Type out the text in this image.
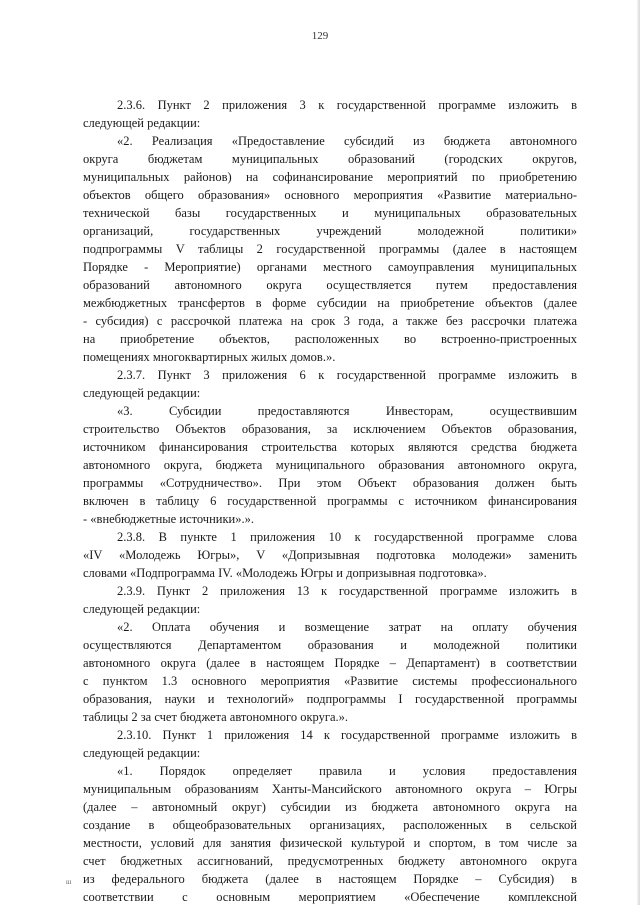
129
2.3.6. Пункт 2 приложения 3 к государственной программе изложить в
следующей редакции:
«2. Реализация «Предоставление субсидий из бюджета автономного
округа бюджетам муниципальных образований (городских округов,
муниципальных районов) на софинансирование мероприятий по приобретению
объектов общего образования» основного мероприятия «Развитие материально-
технической базы государственных и муниципальных образовательных
организаций, государственных учреждений молодежной политики»
подпрограммы V таблицы 2 государственной программы (далее в настоящем
Порядке - Мероприятие) органами местного самоуправления муниципальных
образований автономного округа осуществляется путем предоставления
межбюджетных трансфертов в форме субсидии на приобретение объектов (далее
- субсидия) с рассрочкой платежа на срок 3 года, а также без рассрочки платежа
на приобретение объектов, расположенных во встроенно-пристроенных
помещениях многоквартирных жилых домов.».
2.3.7. Пункт 3 приложения 6 к государственной программе изложить в
следующей редакции:
«3. Субсидии предоставляются Инвесторам, осуществившим
строительство Объектов образования, за исключением Объектов образования,
источником финансирования строительства которых являются средства бюджета
автономного округа, бюджета муниципального образования автономного округа,
программы «Сотрудничество». При этом Объект образования должен быть
включен в таблицу 6 государственной программы с источником финансирования
- «внебюджетные источники».».
2.3.8. В пункте 1 приложения 10 к государственной программе слова
«IV «Молодежь Югры», V «Допризывная подготовка молодежи» заменить
словами «Подпрограмма IV. «Молодежь Югры и допризывная подготовка».
2.3.9. Пункт 2 приложения 13 к государственной программе изложить в
следующей редакции:
«2. Оплата обучения и возмещение затрат на оплату обучения
осуществляются Департаментом образования и молодежной политики
автономного округа (далее в настоящем Порядке – Департамент) в соответствии
с пунктом 1.3 основного мероприятия «Развитие системы профессионального
образования, науки и технологий» подпрограммы I государственной программы
таблицы 2 за счет бюджета автономного округа.».
2.3.10. Пункт 1 приложения 14 к государственной программе изложить в
следующей редакции:
«1. Порядок определяет правила и условия предоставления
муниципальным образованиям Ханты-Мансийского автономного округа – Югры
(далее – автономный округ) субсидии из бюджета автономного округа на
создание в общеобразовательных организациях, расположенных в сельской
местности, условий для занятия физической культурой и спортом, в том числе за
счет бюджетных ассигнований, предусмотренных бюджету автономного округа
из федерального бюджета (далее в настоящем Порядке – Субсидия) в
соответствии с основным мероприятием «Обеспечение комплексной
ш
